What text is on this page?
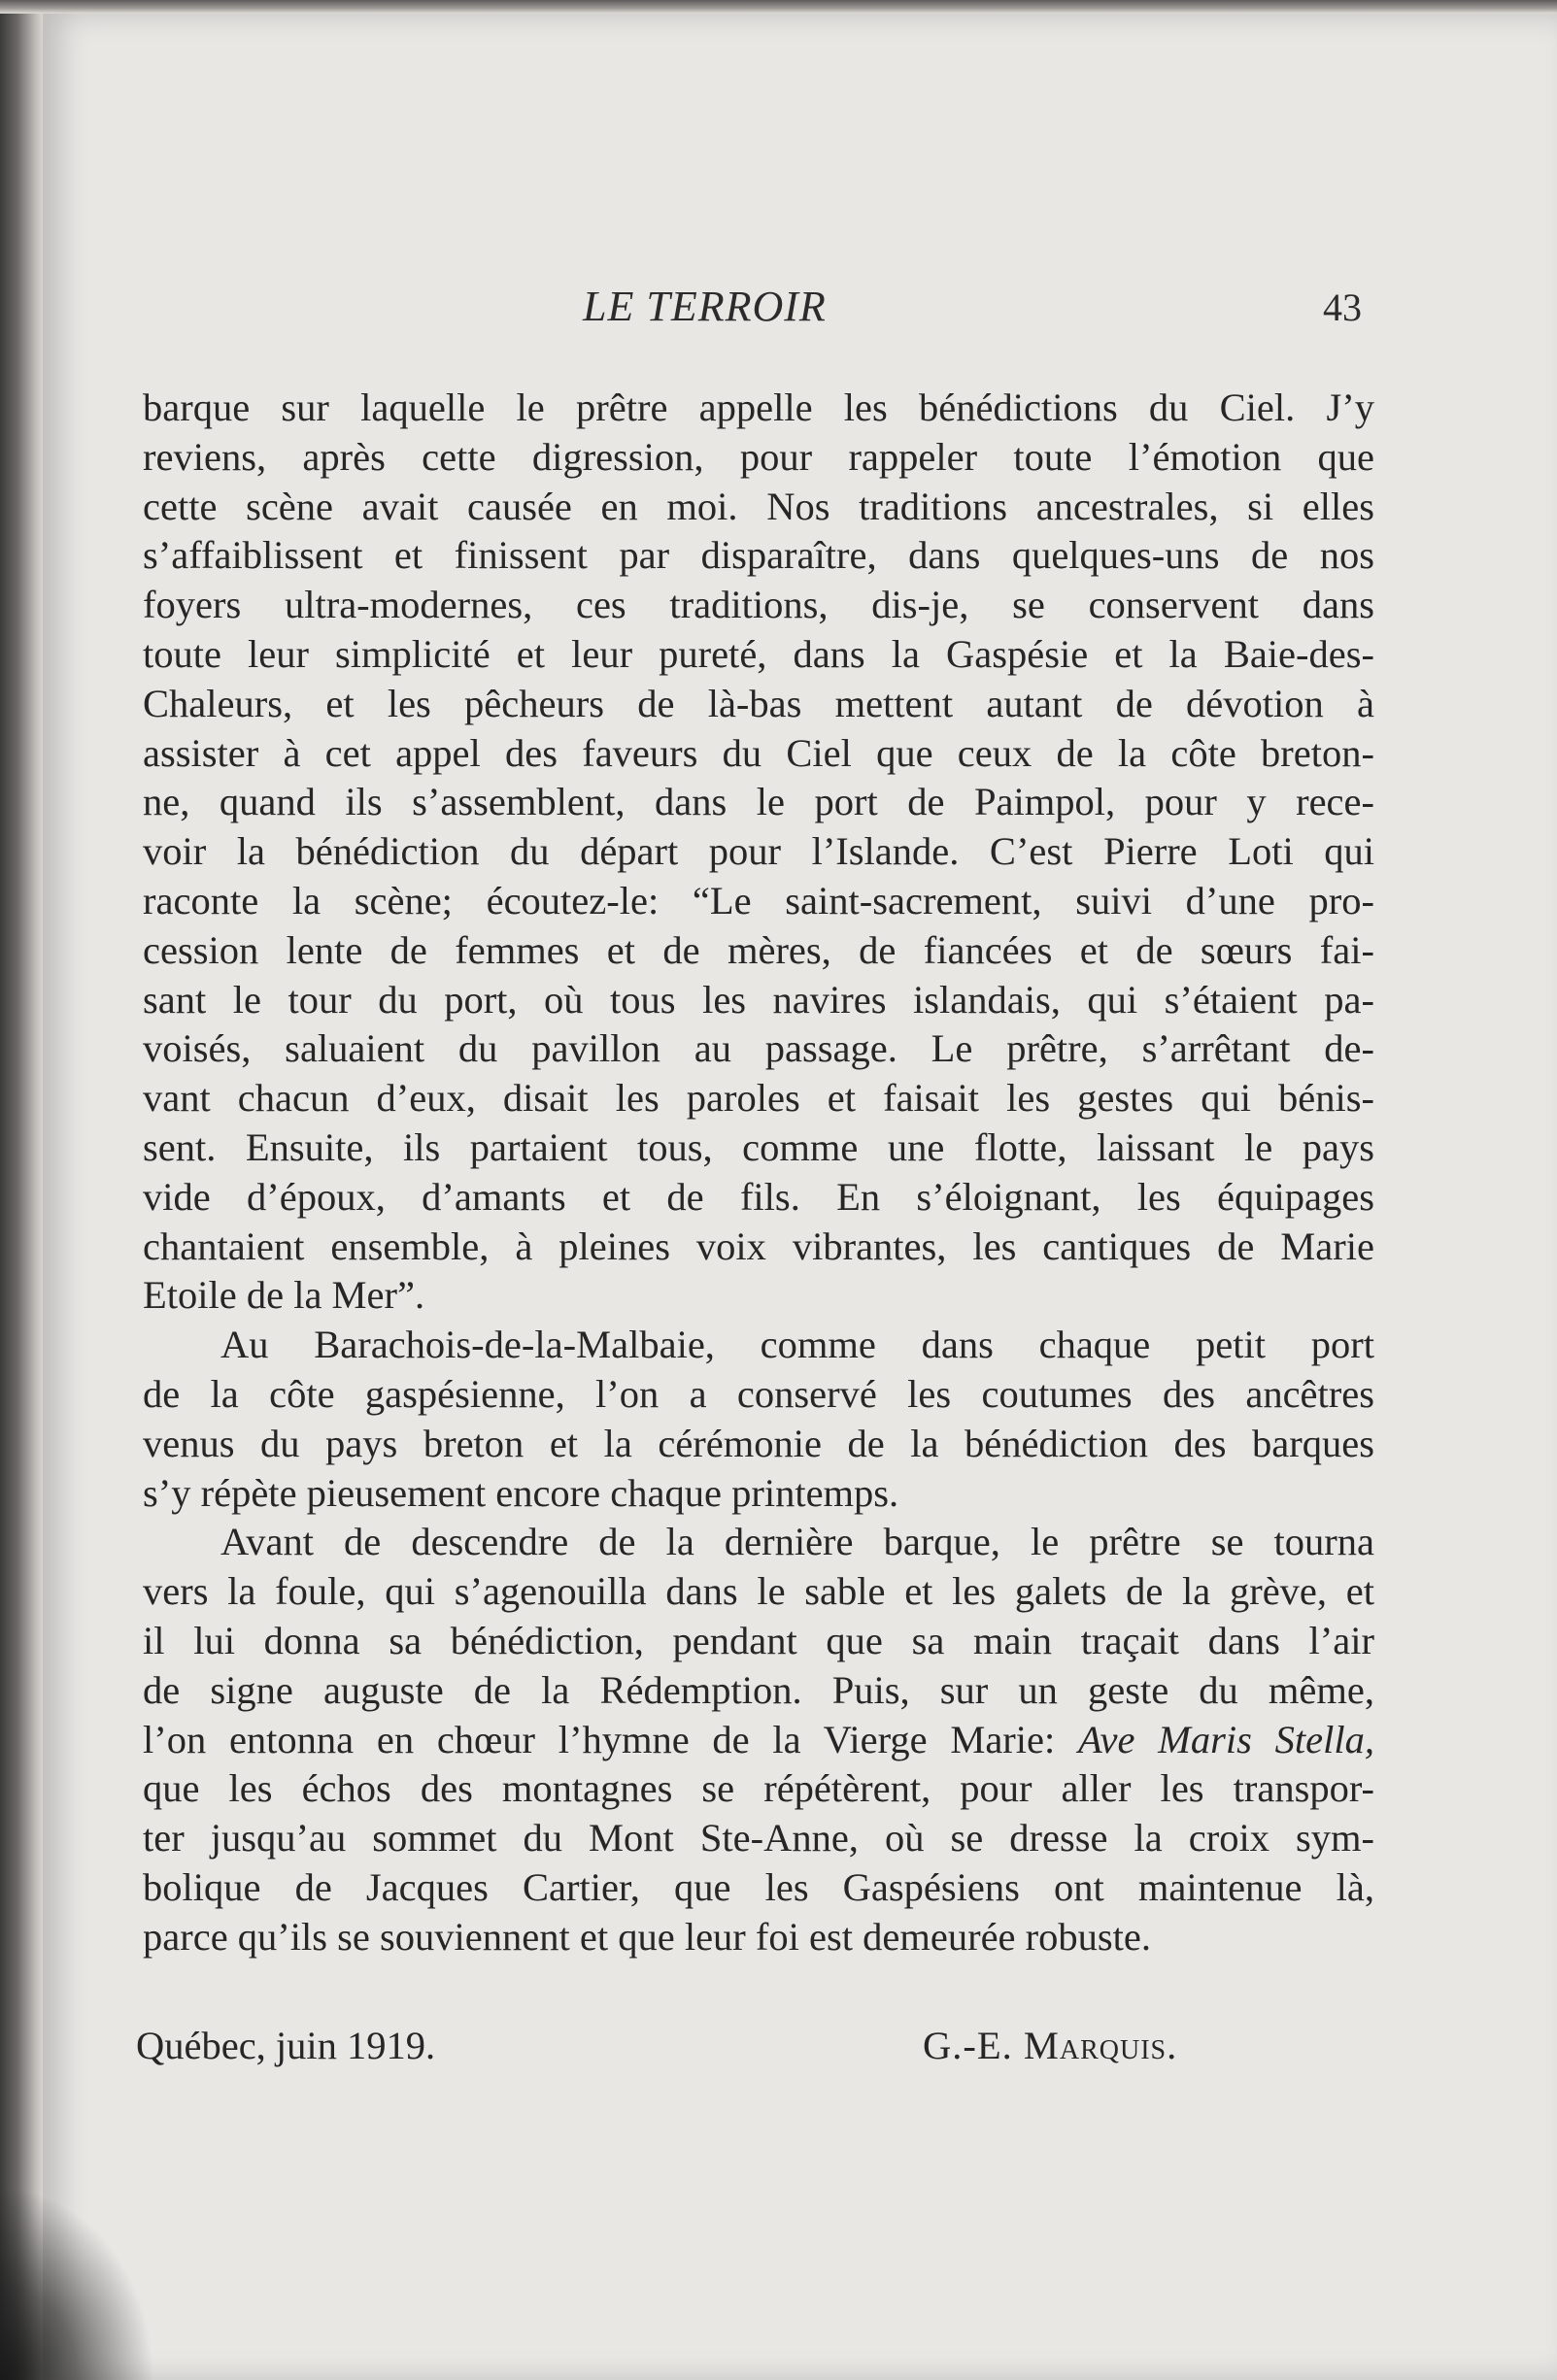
LE TERROIR	43

barque sur laquelle le prêtre appelle les bénédictions du Ciel. J’y
reviens, après cette digression, pour rappeler toute l’émotion que
cette scène avait causée en moi. Nos traditions ancestrales, si elles
s’affaiblissent et finissent par disparaître, dans quelques-uns de nos
foyers ultra-modernes, ces traditions, dis-je, se conservent dans
toute leur simplicité et leur pureté, dans la Gaspésie et la Baie-des-
Chaleurs, et les pêcheurs de là-bas mettent autant de dévotion à
assister à cet appel des faveurs du Ciel que ceux de la côte breton-
ne, quand ils s’assemblent, dans le port de Paimpol, pour y rece-
voir la bénédiction du départ pour l’Islande. C’est Pierre Loti qui
raconte la scène; écoutez-le: “Le saint-sacrement, suivi d’une pro-
cession lente de femmes et de mères, de fiancées et de sœurs fai-
sant le tour du port, où tous les navires islandais, qui s’étaient pa-
voisés, saluaient du pavillon au passage. Le prêtre, s’arrêtant de-
vant chacun d’eux, disait les paroles et faisait les gestes qui bénis-
sent. Ensuite, ils partaient tous, comme une flotte, laissant le pays
vide d’époux, d’amants et de fils. En s’éloignant, les équipages
chantaient ensemble, à pleines voix vibrantes, les cantiques de Marie
Etoile de la Mer”.

Au Barachois-de-la-Malbaie, comme dans chaque petit port
de la côte gaspésienne, l’on a conservé les coutumes des ancêtres
venus du pays breton et la cérémonie de la bénédiction des barques
s’y répète pieusement encore chaque printemps.

Avant de descendre de la dernière barque, le prêtre se tourna
vers la foule, qui s’agenouilla dans le sable et les galets de la grève, et
il lui donna sa bénédiction, pendant que sa main traçait dans l’air
de signe auguste de la Rédemption. Puis, sur un geste du même,
l’on entonna en chœur l’hymne de la Vierge Marie: Ave Maris Stella,
que les échos des montagnes se répétèrent, pour aller les transpor-
ter jusqu’au sommet du Mont Ste-Anne, où se dresse la croix sym-
bolique de Jacques Cartier, que les Gaspésiens ont maintenue là,
parce qu’ils se souviennent et que leur foi est demeurée robuste.

Québec, juin 1919.	G.-E. Marquis.
